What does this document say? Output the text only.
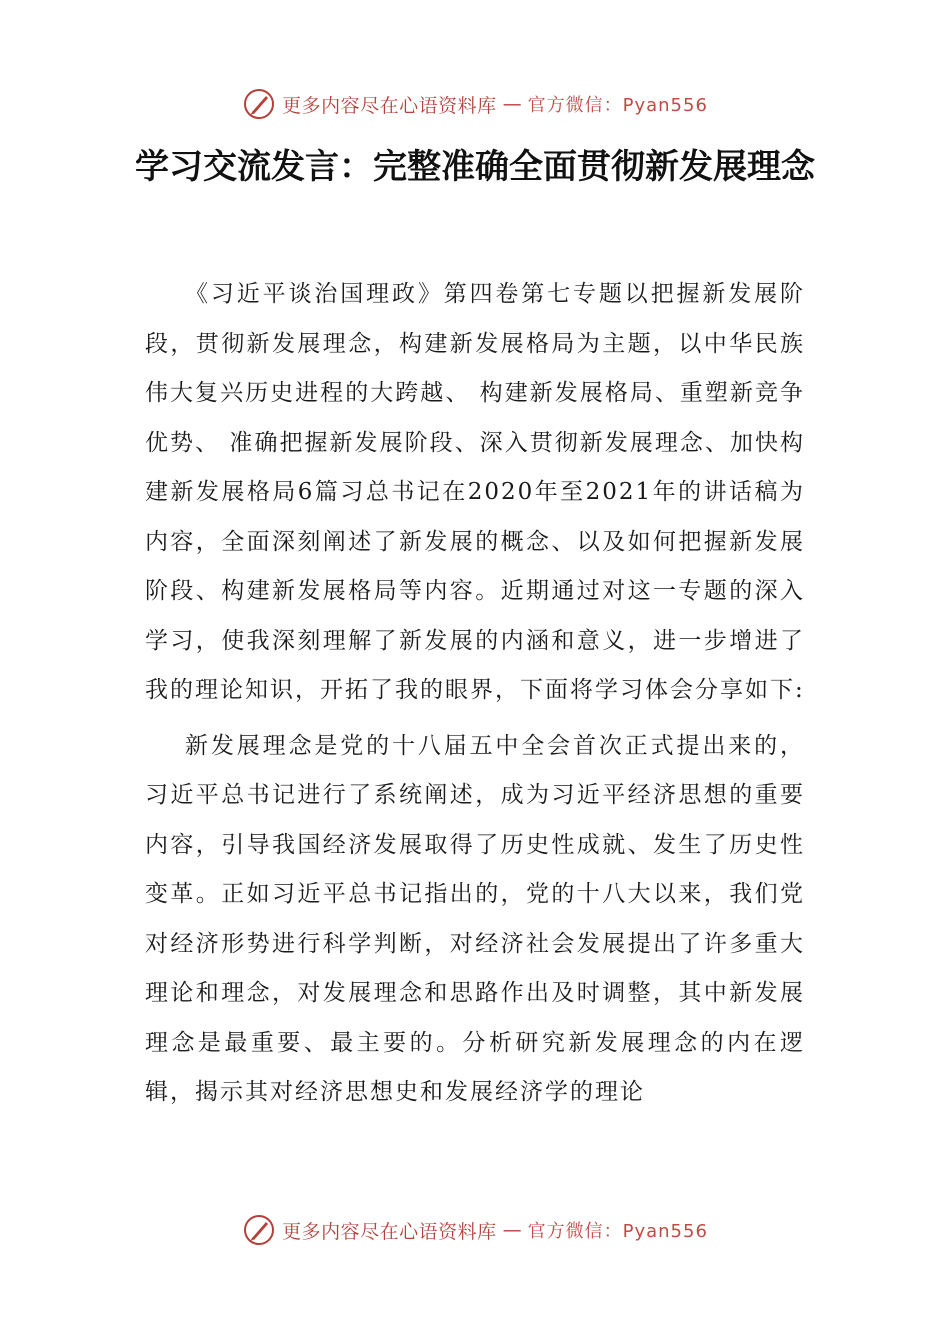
更多内容尽在心语资料库 — 官方微信：Pyan556
学习交流发言：完整准确全面贯彻新发展理念

《习近平谈治国理政》第四卷第七专题以把握新发展阶段，贯彻新发展理念，构建新发展格局为主题，以中华民族伟大复兴历史进程的大跨越、 构建新发展格局、重塑新竞争优势、 准确把握新发展阶段、深入贯彻新发展理念、加快构建新发展格局6篇习总书记在2020年至2021年的讲话稿为内容，全面深刻阐述了新发展的概念、以及如何把握新发展阶段、构建新发展格局等内容。近期通过对这一专题的深入学习，使我深刻理解了新发展的内涵和意义，进一步增进了我的理论知识，开拓了我的眼界，下面将学习体会分享如下:

新发展理念是党的十八届五中全会首次正式提出来的，习近平总书记进行了系统阐述，成为习近平经济思想的重要内容，引导我国经济发展取得了历史性成就、发生了历史性变革。正如习近平总书记指出的，党的十八大以来，我们党对经济形势进行科学判断，对经济社会发展提出了许多重大理论和理念，对发展理念和思路作出及时调整，其中新发展理念是最重要、最主要的。分析研究新发展理念的内在逻辑，揭示其对经济思想史和发展经济学的理论

更多内容尽在心语资料库 — 官方微信：Pyan556
